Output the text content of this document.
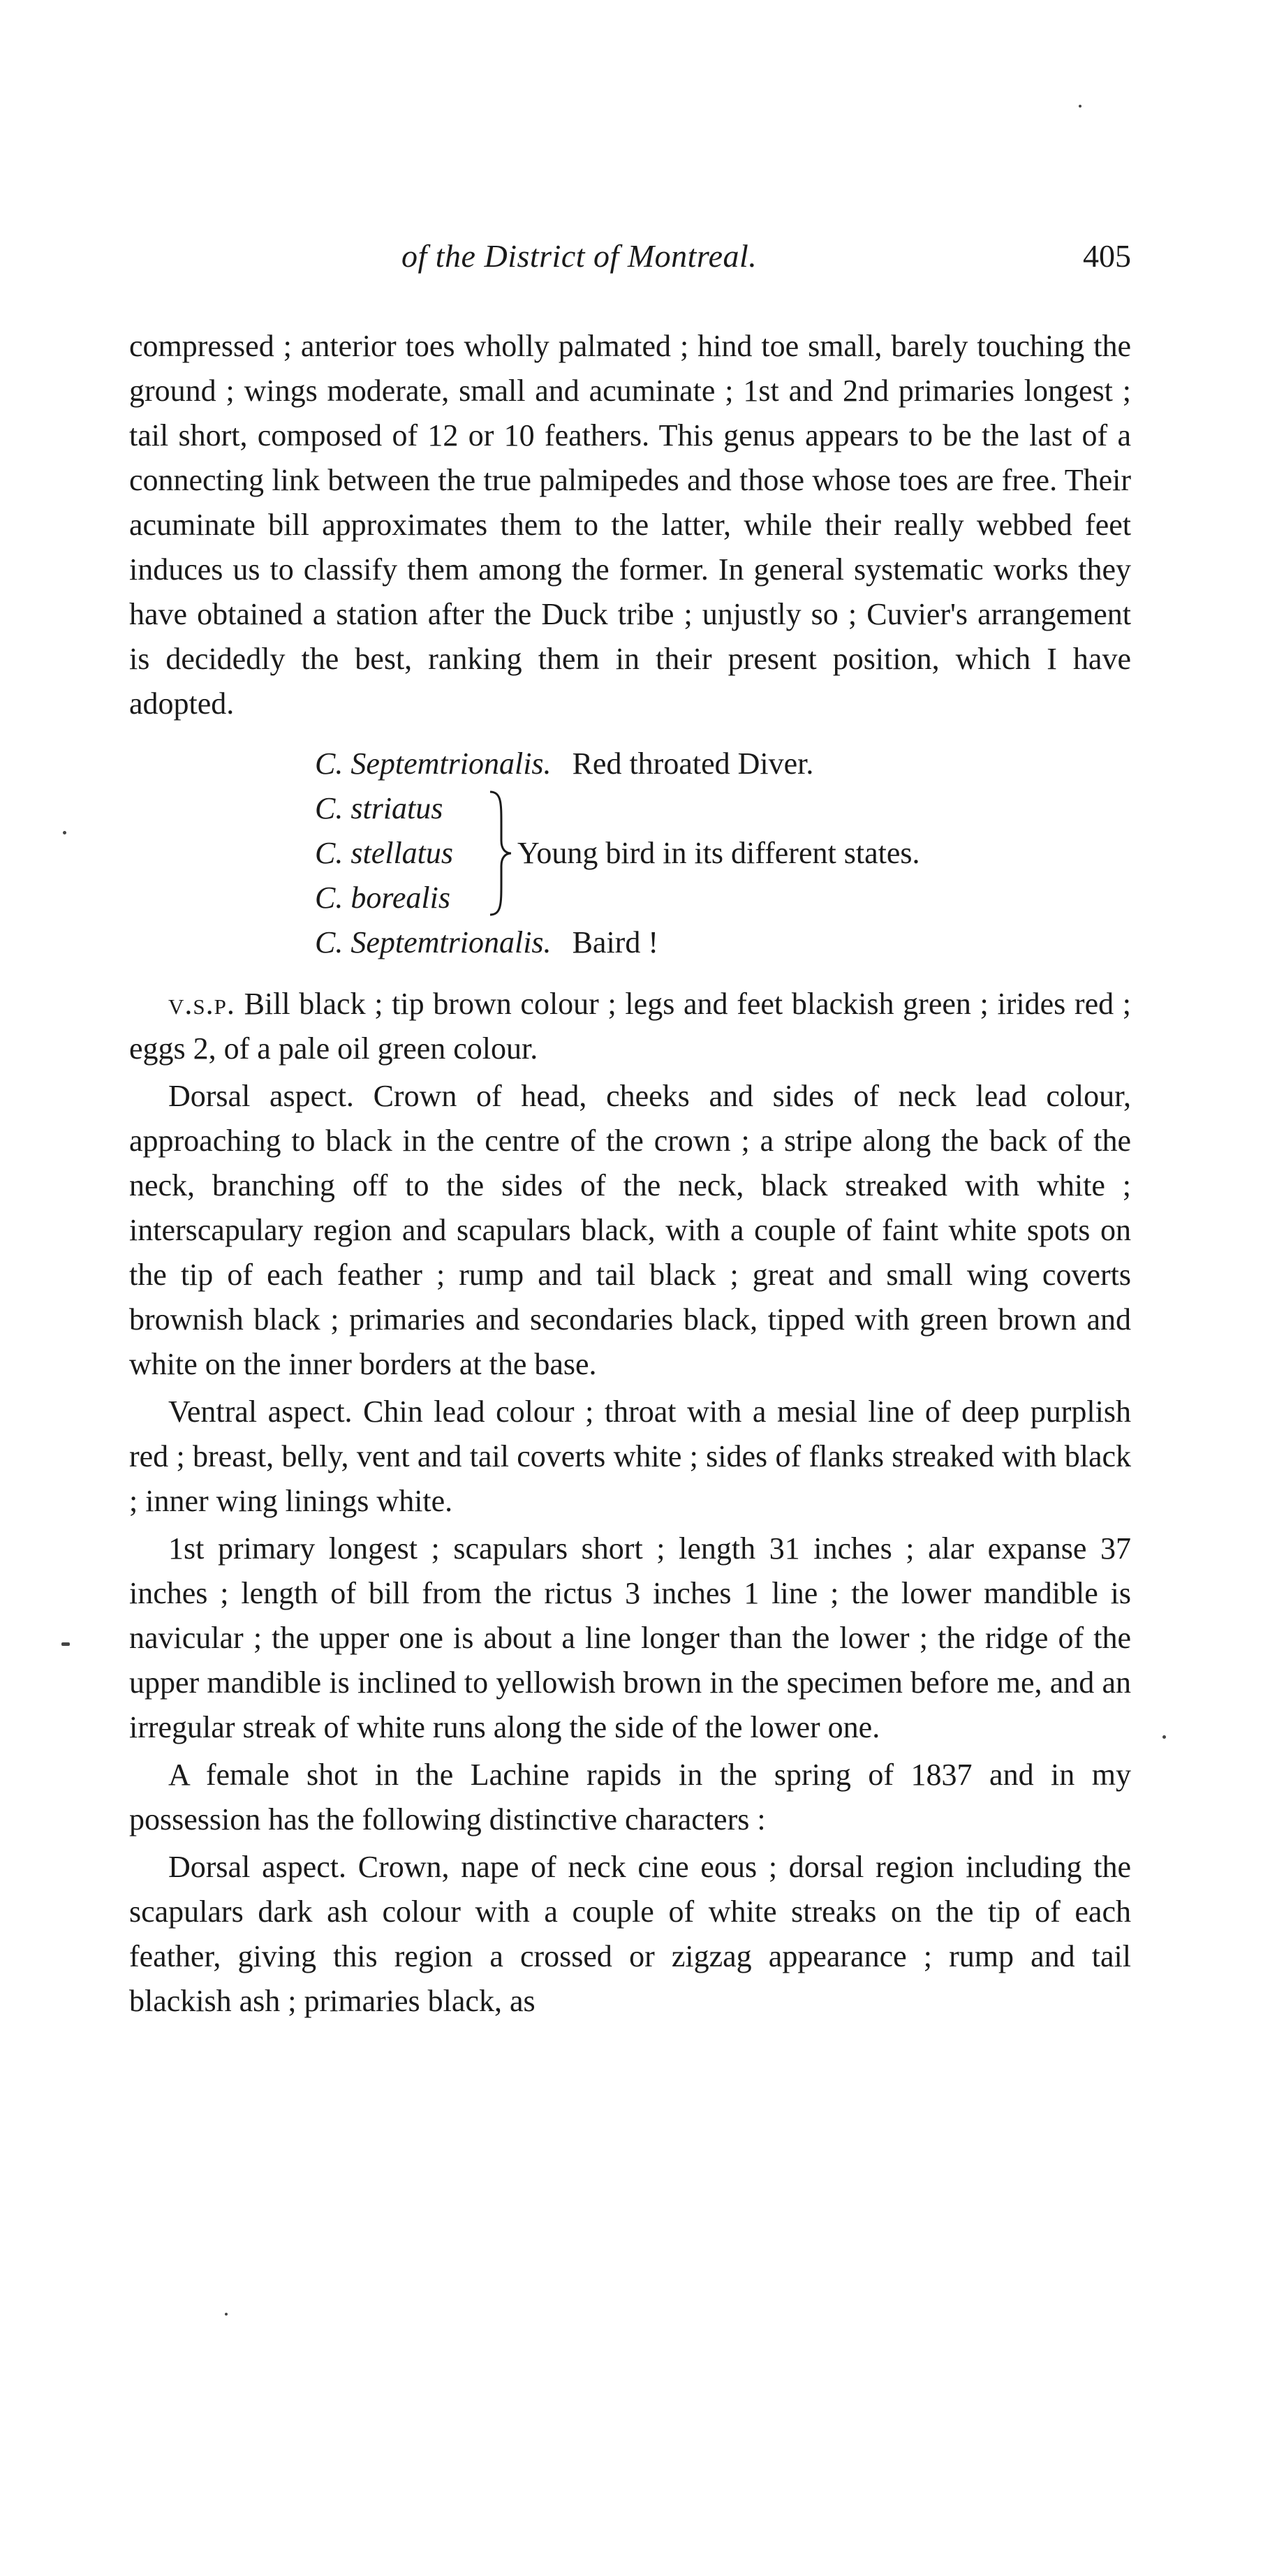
of the District of Montreal.	405

compressed ; anterior toes wholly palmated ; hind toe small, barely touching the ground ; wings moderate, small and acuminate ; 1st and 2nd primaries longest ; tail short, composed of 12 or 10 feathers. This genus appears to be the last of a connecting link between the true palmipedes and those whose toes are free. Their acuminate bill approximates them to the latter, while their really webbed feet induces us to classify them among the former. In general systematic works they have obtained a station after the Duck tribe ; unjustly so ; Cuvier's arrangement is decidedly the best, ranking them in their present position, which I have adopted.

C. Septemtrionalis. Red throated Diver.
C. striatus
C. stellatus
C. borealis
Young bird in its different states.
C. Septemtrionalis. Baird !

v.s.p. Bill black ; tip brown colour ; legs and feet blackish green ; irides red ; eggs 2, of a pale oil green colour.

Dorsal aspect. Crown of head, cheeks and sides of neck lead colour, approaching to black in the centre of the crown ; a stripe along the back of the neck, branching off to the sides of the neck, black streaked with white ; interscapulary region and scapulars black, with a couple of faint white spots on the tip of each feather ; rump and tail black ; great and small wing coverts brownish black ; primaries and secondaries black, tipped with green brown and white on the inner borders at the base.

Ventral aspect. Chin lead colour ; throat with a mesial line of deep purplish red ; breast, belly, vent and tail coverts white ; sides of flanks streaked with black ; inner wing linings white.

1st primary longest ; scapulars short ; length 31 inches ; alar expanse 37 inches ; length of bill from the rictus 3 inches 1 line ; the lower mandible is navicular ; the upper one is about a line longer than the lower ; the ridge of the upper mandible is inclined to yellowish brown in the specimen before me, and an irregular streak of white runs along the side of the lower one.

A female shot in the Lachine rapids in the spring of 1837 and in my possession has the following distinctive characters :

Dorsal aspect. Crown, nape of neck cine eous ; dorsal region including the scapulars dark ash colour with a couple of white streaks on the tip of each feather, giving this region a crossed or zigzag appearance ; rump and tail blackish ash ; primaries black, as
